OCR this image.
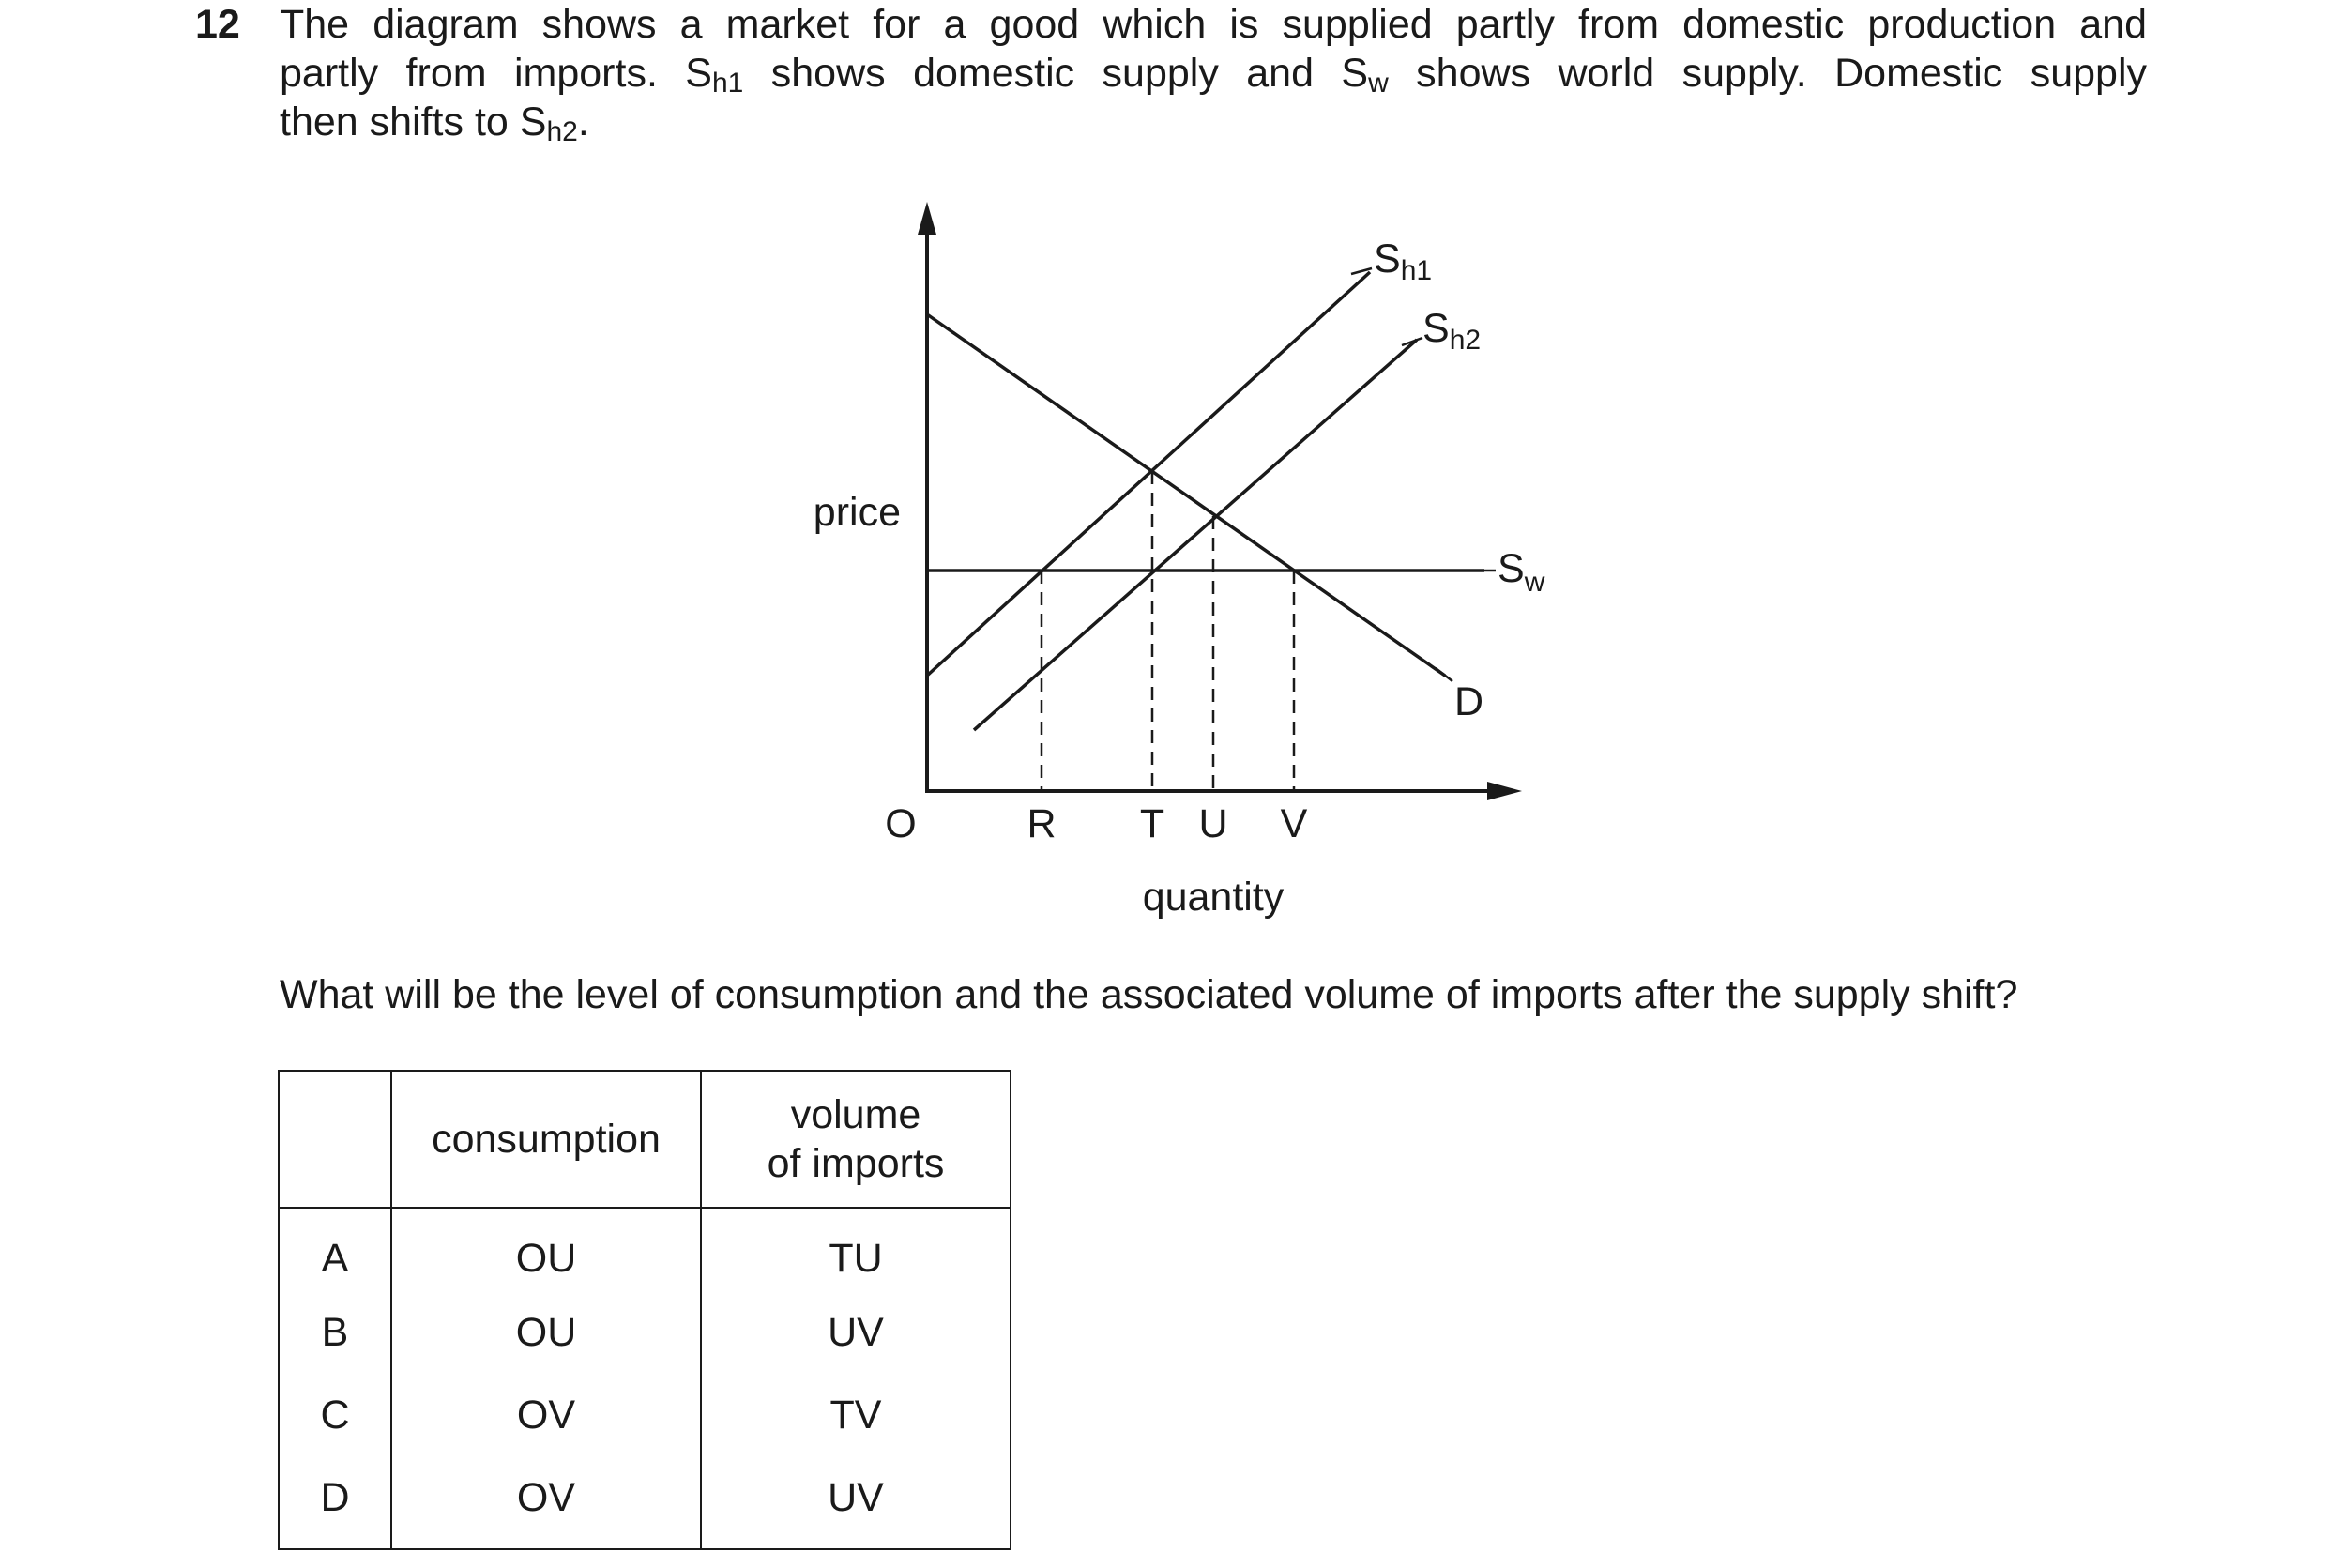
12 The diagram shows a market for a good which is supplied partly from domestic production and
partly from imports. $S_{h1}$ shows domestic supply and $S_w$ shows world supply. Domestic supply
then shifts to $S_{h2}$.
price
quantity
O	R T U V
Sh1
Sh2
$S_w$
D
What will be the level of consumption and the associated volume of imports after the supply shift?
	consumption	volume
of imports
A	OU	TU
B	OU	UV
C	OV	TV
D	OV	UV
